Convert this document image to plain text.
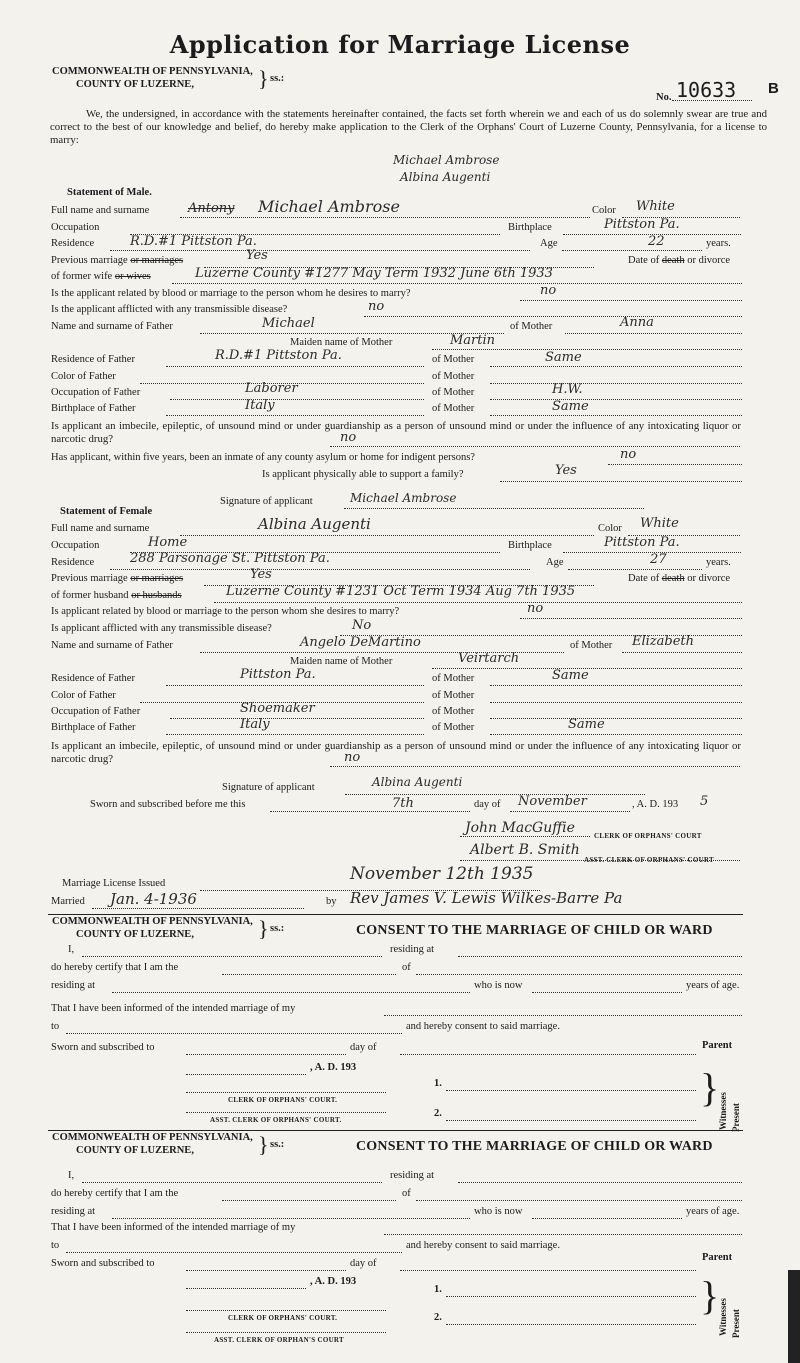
Application for Marriage License
COMMONWEALTH OF PENNSYLVANIA,
COUNTY OF LUZERNE,	} ss.:
No. 10633 B
We, the undersigned, in accordance with the statements hereinafter contained, the facts set forth wherein we and each of us do solemnly swear are true and correct to the best of our knowledge and belief, do hereby make application to the Clerk of the Orphans' Court of Luzerne County, Pennsylvania, for a license to marry:
Michael Ambrose
Albina Augenti
Statement of Male.
Full name and surname	Antony Michael Ambrose	Color White
Occupation	Birthplace	Pittston Pa.
Residence	R.D.#1 Pittston Pa.	Age	22	years.
Previous marriage or marriages	Yes	Date of death or divorce
of former wife or wives	Luzerne County #1277 May Term 1932 June 6th 1933
Is the applicant related by blood or marriage to the person whom he desires to marry?	no
Is the applicant afflicted with any transmissible disease?	no
Name and surname of Father	Michael	of Mother	Anna
Maiden name of Mother	Martin
Residence of Father	R.D.#1 Pittston Pa.	of Mother	Same
Color of Father	of Mother
Occupation of Father	Laborer	of Mother	H.W.
Birthplace of Father	Italy	of Mother	Same
Is applicant an imbecile, epileptic, of unsound mind or under guardianship as a person of unsound mind or under the influence of any intoxicating liquor or narcotic drug?	no
Has applicant, within five years, been an inmate of any county asylum or home for indigent persons?	no
Is applicant physically able to support a family?	Yes
Signature of applicant	Michael Ambrose
Statement of Female
Full name and surname	Albina Augenti	Color White
Occupation	Home	Birthplace	Pittston Pa.
Residence	288 Parsonage St. Pittston Pa.	Age	27	years.
Previous marriage or marriages	Yes	Date of death or divorce
of former husband or husbands	Luzerne County #1231 Oct Term 1934 Aug 7th 1935
Is applicant related by blood or marriage to the person whom she desires to marry?	no
Is applicant afflicted with any transmissible disease?	No
Name and surname of Father	Angelo DeMartino	of Mother Elizabeth
Maiden name of Mother	Veirtarch
Residence of Father	Pittston Pa.	of Mother	Same
Color of Father	of Mother
Occupation of Father	Shoemaker	of Mother
Birthplace of Father	Italy	of Mother	Same
Is applicant an imbecile, epileptic, of unsound mind or under guardianship as a person of unsound mind or under the influence of any intoxicating liquor or narcotic drug?	no
Signature of applicant	Albina Augenti
Sworn and subscribed before me this	7th	day of November	, A. D. 193 5
John MacGuffie	CLERK OF ORPHANS' COURT
Albert B. Smith
ASST. CLERK OF ORPHANS' COURT
Marriage License Issued	November 12th 1935
Married Jan. 4-1936	by Rev James V. Lewis Wilkes-Barre Pa
COMMONWEALTH OF PENNSYLVANIA,
COUNTY OF LUZERNE,	} ss.:	CONSENT TO THE MARRIAGE OF CHILD OR WARD
I,	residing at
do hereby certify that I am the	of
residing at	who is now	years of age.
That I have been informed of the intended marriage of my
to	and hereby consent to said marriage.
Sworn and subscribed to	day of	Parent
, A. D. 193
1.
CLERK OF ORPHANS' COURT.
2.
ASST. CLERK OF ORPHANS' COURT.
}
Witnesses Present
COMMONWEALTH OF PENNSYLVANIA,
COUNTY OF LUZERNE,	} ss.:	CONSENT TO THE MARRIAGE OF CHILD OR WARD
I,	residing at
do hereby certify that I am the	of
residing at	who is now	years of age.
That I have been informed of the intended marriage of my
to	and hereby consent to said marriage.
Sworn and subscribed to	day of
Parent
, A. D. 193
1.
CLERK OF ORPHANS' COURT.	2.
ASST. CLERK OF ORPHAN'S COURT
}
Witnesses Present
